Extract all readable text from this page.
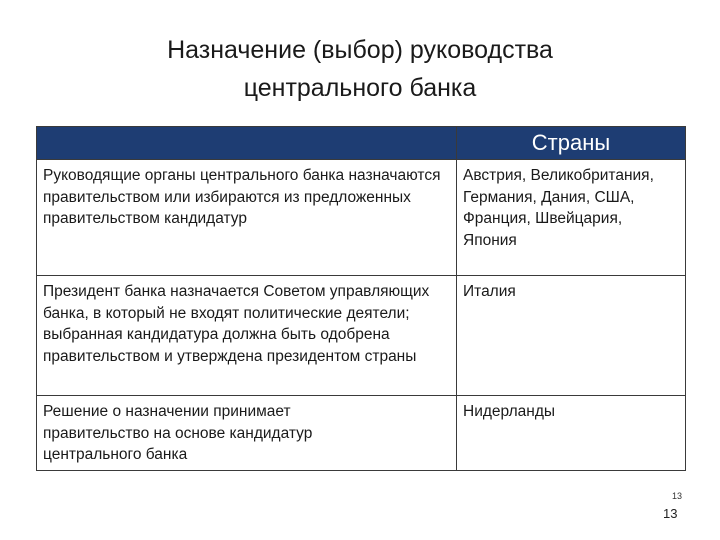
Назначение (выбор) руководства
центрального банка
	Страны
Руководящие органы центрального банка назначаются правительством или избираются из предложенных правительством кандидатур	Австрия, Великобритания, Германия, Дания, США, Франция, Швейцария, Япония
Президент банка назначается Советом управляющих банка, в который не входят политические деятели; выбранная кандидатура должна быть одобрена правительством и утверждена президентом страны	Италия
Решение о назначении принимает правительство на основе кандидатур центрального банка	Нидерланды
13
13
